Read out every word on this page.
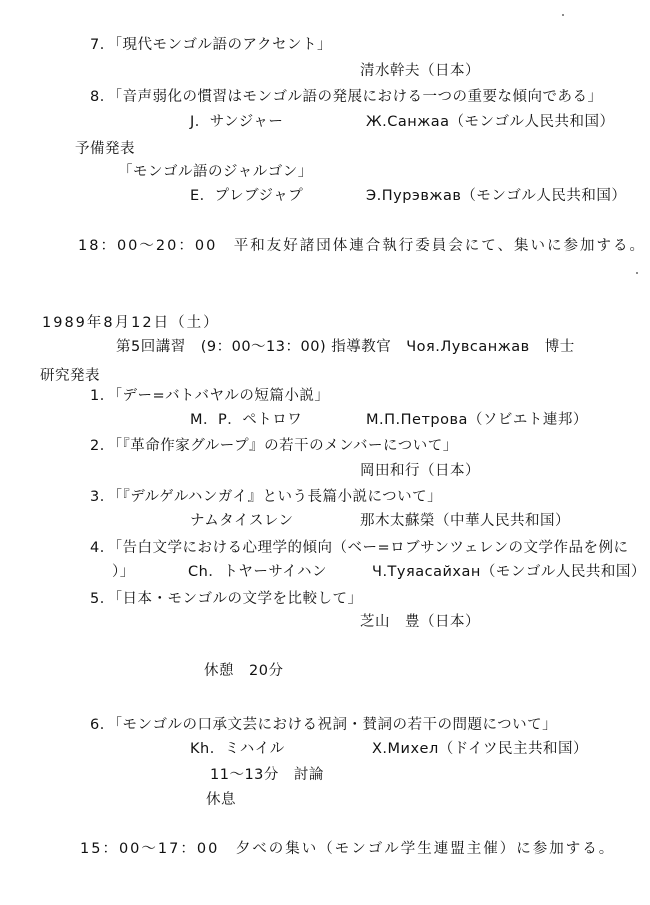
7．「現代モンゴル語のアクセント」
清水幹夫（日本）
8．「音声弱化の慣習はモンゴル語の発展における一つの重要な傾向である」
J．サンジャー	Ж.Санжаа（モンゴル人民共和国）
予備発表
「モンゴル語のジャルゴン」
E．プレブジャプ	Э.Пурэвжав（モンゴル人民共和国）
18：00～20：00　平和友好諸団体連合執行委員会にて、集いに参加する。
1989年8月12日（土）
第5回講習　(9：00～13：00) 指導教官　Чоя.Лувсанжав　博士
研究発表
1．「デー=バトバヤルの短篇小説」
M．P．ペトロワ	М.П.Петрова（ソビエト連邦）
2．「『革命作家グループ』の若干のメンバーについて」
岡田和行（日本）
3．「『デルゲルハンガイ』という長篇小説について」
ナムタイスレン	那木太蘇榮（中華人民共和国）
4．「告白文学における心理学的傾向（ベー=ロブサンツェレンの文学作品を例に
）」	Ch．トヤーサイハン	Ч.Туяасайхан（モンゴル人民共和国）
5．「日本・モンゴルの文学を比較して」
芝山　豊（日本）
休憩　20分
6．「モンゴルの口承文芸における祝詞・賛詞の若干の問題について」
Kh．ミハイル	Х.Михел（ドイツ民主共和国）
11～13分　討論
休息
15：00～17：00　夕べの集い（モンゴル学生連盟主催）に参加する。
